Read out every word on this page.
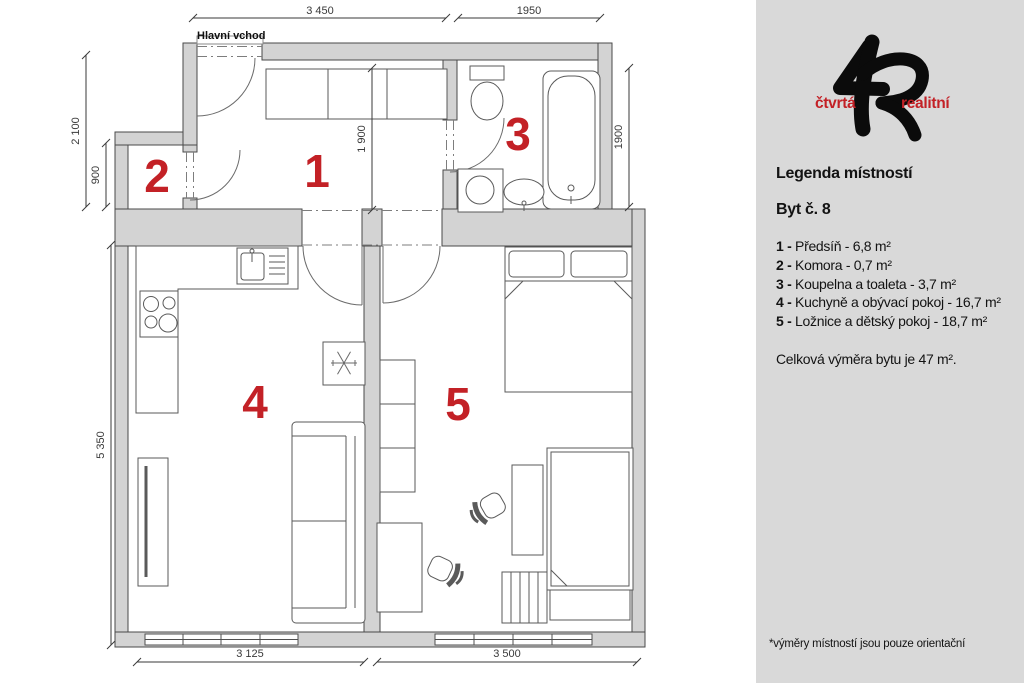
3 450	1950
2 100
900
5 350
1 900	1900
3 125	3 500
Hlavní vchod
1
2
3
4	5
Legenda místností
Byt č. 8
1 - Předsíň - 6,8 m²
2 - Komora - 0,7 m²
3 - Koupelna a toaleta - 3,7 m²
4 - Kuchyně a obývací pokoj - 16,7 m²
5 - Ložnice a dětský pokoj - 18,7 m²
Celková výměra bytu je 47 m².
*výměry místností jsou pouze orientační
čtvrtá	realitní
